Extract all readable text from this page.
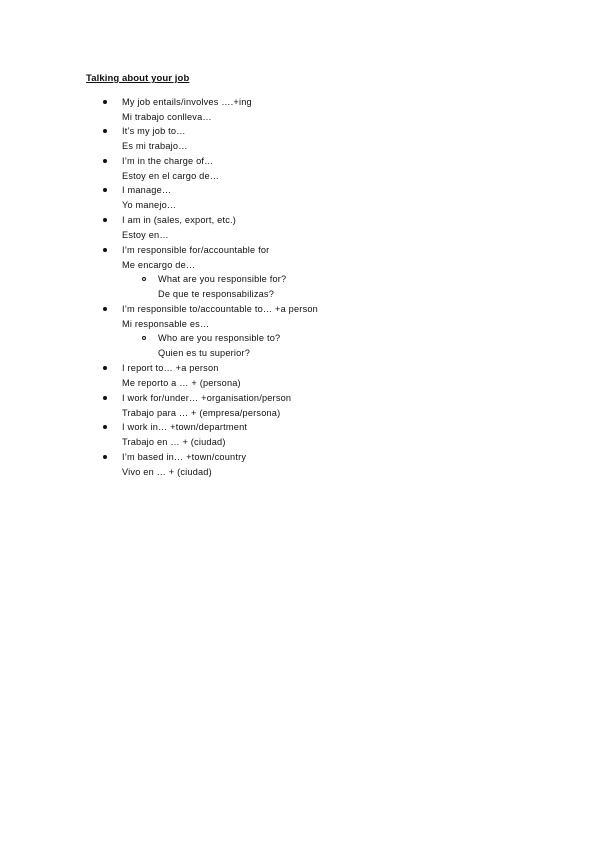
Talking about your job
My job entails/involves ….+ing
Mi trabajo conlleva…
It’s my job to…
Es mi trabajo…
I’m in the charge of…
Estoy en el cargo de…
I manage…
Yo manejo…
I am in (sales, export, etc.)
Estoy en…
I’m responsible for/accountable for
Me encargo de…
What are you responsible for?
De que te responsabilizas?
I’m responsible to/accountable to… +a person
Mi responsable es…
Who are you responsible to?
Quien es tu superior?
I report to… +a person
Me reporto a … + (persona)
I work for/under… +organisation/person
Trabajo para … + (empresa/persona)
I work in… +town/department
Trabajo en … + (ciudad)
I’m based in… +town/country
Vivo en … + (ciudad)
